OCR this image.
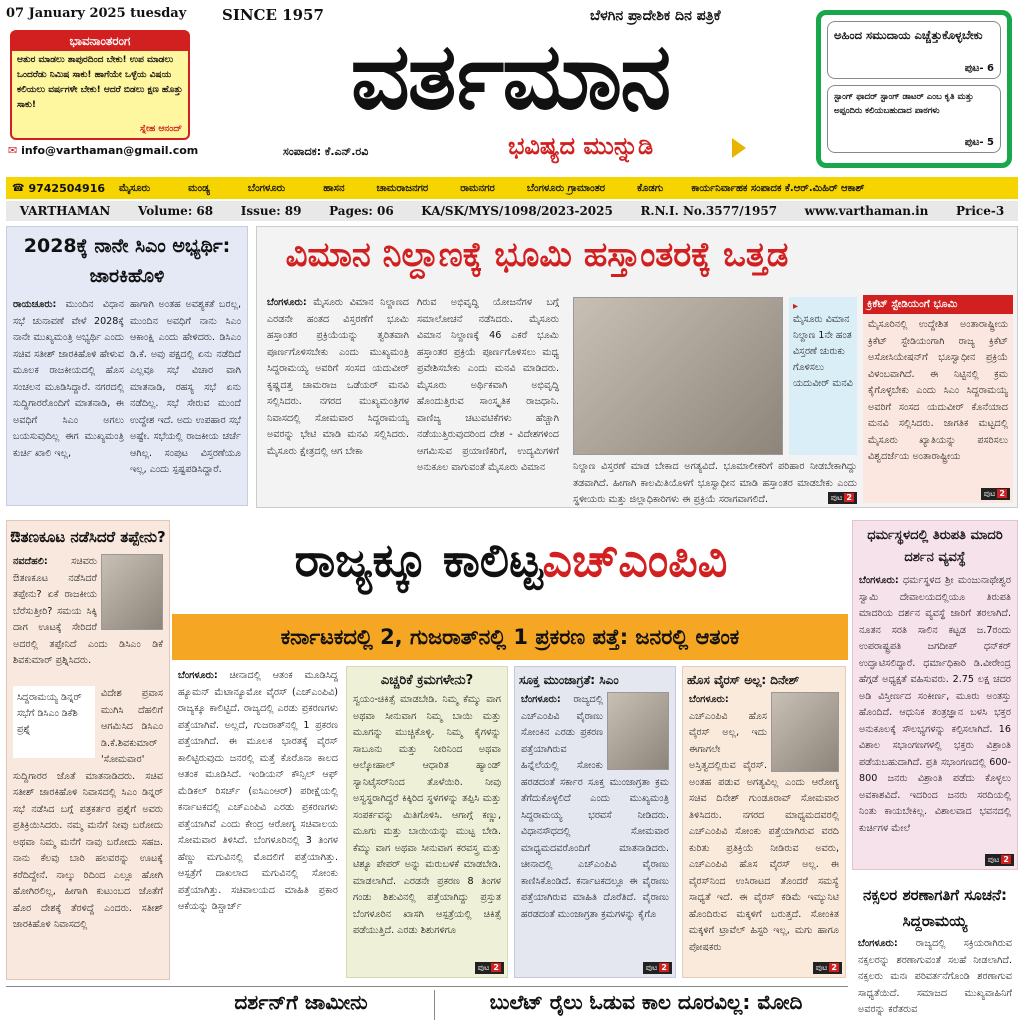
07 January 2025 tuesday SINCE 1957	ಬೆಳಗಿನ ಪ್ರಾದೇಶಿಕ ದಿನ ಪತ್ರಿಕೆ
ಭಾವನಾಂತರಂಗ
ಆತುರ ಮಾಡಲು ತಾಪುರದಿಂದ ಬೇಕು! ಉಪ ಮಾಡಲು ಒಂದರೆಡು ನಿಮಿಷ ಸಾಕು! ಹಾಗೆಯೇ ಒಳ್ಳೆಯ ವಿಷಯ ಕಲಿಯಲು ವರ್ಷಗಳೇ ಬೇಕು! ಆದರೆ ಬಿಡಲು ಕ್ಷಣ ಹೊತ್ತು ಸಾಕು!
ಸ್ನೇಹ ಆನಂದ್
✉ info@varthaman@gmail.com
ವರ್ತಮಾನ
ಸಂಪಾದಕ: ಕೆ.ಎನ್.ರವಿ	ಭವಿಷ್ಯದ ಮುನ್ನುಡಿ
ಅಹಿಂದ ಸಮುದಾಯ ಎಚ್ಚೆತ್ತುಕೊಳ್ಳಬೇಕು
ಪುಟ- 6
ಸ್ಟಾಂಗ್ ಫಾದರ್ ಸ್ಟಾಂಗ್ ಡಾಟರ್ ಎಂಬ ಕೃತಿ ಮತ್ತು ಅಪ್ಪಂದಿರು ಕಲಿಯಬಹುದಾದ ಪಾಠಗಳು
ಪುಟ- 5
☎ 9742504916 ಮೈಸೂರು	ಮಂಡ್ಯ	ಬೆಂಗಳೂರು	ಹಾಸನ	ಚಾಮರಾಜನಗರ	ರಾಮನಗರ	ಬೆಂಗಳೂರು ಗ್ರಾಮಾಂತರ	ಕೊಡಗು	ಕಾರ್ಯನಿರ್ವಾಹಕ ಸಂಪಾದಕ ಕೆ.ಆರ್.ಮಿಹಿರ್ ಆಕಾಶ್
VARTHAMAN Volume: 68 Issue: 89 Pages: 06 KA/SK/MYS/1098/2023-2025 R.N.I. No.3577/1957 www.varthaman.in Price-3
2028ಕ್ಕೆ ನಾನೇ ಸಿಎಂ ಅಭ್ಯರ್ಥಿ: ಜಾರಕಿಹೊಳಿ
ರಾಯಚೂರು: ಮುಂದಿನ ವಿಧಾನ ಸಭೆ ಚುನಾವಣೆ ವೇಳೆ 2028ಕ್ಕೆ ನಾನೇ ಮುಖ್ಯಮಂತ್ರಿ ಅಭ್ಯರ್ಥಿ ಎಂದು ಸಚಿವ ಸತೀಶ್ ಜಾರಕಿಹೊಳಿ ಹೇಳುವ ಮೂಲಕ ರಾಜಕೀಯದಲ್ಲಿ ಹೊಸ ಸಂಚಲನ ಮೂಡಿಸಿದ್ದಾರೆ. ನಗರದಲ್ಲಿ ಸುದ್ದಿಗಾರರೊಂದಿಗೆ ಮಾತನಾಡಿ, ಈ ಅವಧಿಗೆ ಸಿಎಂ ಅಗಲು ಬಯಸುವುದಿಲ್ಲ ಈಗ ಮುಖ್ಯಮಂತ್ರಿ ಕುರ್ಚಿ ಖಾಲಿ ಇಲ್ಲ,
ಹಾಗಾಗಿ ಅಂತಹ ಅವಶ್ಯಕತೆ ಬರಲ್ಲ, ಮುಂದಿನ ಅವಧಿಗೆ ನಾನು ಸಿಎಂ ಆಕಾಂಕ್ಷಿ ಎಂದು ಹೇಳಿದರು. ಡಿಸಿಎಂ ಡಿ.ಕೆ. ಅವು ಪಕ್ಷದಲ್ಲಿ ಏನು ನಡೆದಿದೆ ಎಲ್ಲವೂ ಸಭೆ ವಿಚಾರ ವಾಗಿ ಮಾತನಾಡಿ, ರಹಸ್ಯ ಸಭೆ ಏನು ನಡೆದಿಲ್ಲ. ಸಭೆ ಸೇರುವ ಮುಂದೆ ಉದ್ದೇಶ ಇದೆ. ಅದು ಉಪಹಾರ ಸಭೆ ಅಷ್ಟೇ. ಸಭೆಯಲ್ಲಿ ರಾಜಕೀಯ ಚರ್ಚೆ ಆಗಿಲ್ಲ. ಸಂಪುಟ ವಿಸ್ತರಣೆಯೂ ಇಲ್ಲ, ಎಂದು ಸ್ಪಷ್ಟಪಡಿಸಿದ್ದಾರೆ.
ವಿಮಾನ ನಿಲ್ದಾಣಕ್ಕೆ ಭೂಮಿ ಹಸ್ತಾಂತರಕ್ಕೆ ಒತ್ತಡ
ಬೆಂಗಳೂರು: ಮೈಸೂರು ವಿಮಾನ ನಿಲ್ದಾಣದ ಎರಡನೇ ಹಂತದ ವಿಸ್ತರಣೆಗೆ ಭೂಮಿ ಹಸ್ತಾಂತರ ಪ್ರಕ್ರಿಯೆಯನ್ನು ತ್ವರಿತವಾಗಿ ಪೂರ್ಣಗೊಳಿಸಬೇಕು ಎಂದು ಮುಖ್ಯಮಂತ್ರಿ ಸಿದ್ದರಾಮಯ್ಯ ಅವರಿಗೆ ಸಂಸದ ಯದುವೀರ್ ಕೃಷ್ಣದತ್ತ ಚಾಮರಾಜ ಒಡೆಯರ್ ಮನವಿ ಸಲ್ಲಿಸಿದರು. ನಗರದ ಮುಖ್ಯಮಂತ್ರಿಗಳ ನಿವಾಸದಲ್ಲಿ ಸೋಮವಾರ ಸಿದ್ದರಾಮಯ್ಯ ಅವರನ್ನು ಭೇಟಿ ಮಾಡಿ ಮನವಿ ಸಲ್ಲಿಸಿದರು. ಮೈಸೂರು ಕ್ಷೇತ್ರದಲ್ಲಿ ಆಗ ಬೇಕಾ
ಗಿರುವ ಅಭಿವೃದ್ಧಿ ಯೋಜನೆಗಳ ಬಗ್ಗೆ ಸಮಾಲೋಚನೆ ನಡೆಸಿದರು. ಮೈಸೂರು ವಿಮಾನ ನಿಲ್ದಾಣಕ್ಕೆ 46 ಎಕರೆ ಭೂಮಿ ಹಸ್ತಾಂತರ ಪ್ರಕ್ರಿಯೆ ಪೂರ್ಣಗೊಳಿಸಲು ಮಧ್ಯ ಪ್ರವೇಶಿಸಬೇಕು ಎಂದು ಮನವಿ ಮಾಡಿದರು. ಮೈಸೂರು ಅರ್ಥಿಕವಾಗಿ ಅಭಿವೃದ್ಧಿ ಹೊಂದುತ್ತಿರುವ ಸಾಂಸ್ಕೃತಿಕ ರಾಜಧಾನಿ. ವಾಣಿಜ್ಯ ಚಟುವಟಿಕೆಗಳು ಹೆಚ್ಚಾಗಿ ನಡೆಯುತ್ತಿರುವುದರಿಂದ ದೇಶ - ವಿದೇಶಗಳಿಂದ ಆಗಮಿಸುವ ಪ್ರಯಾಣಿಕರಿಗೆ, ಉದ್ಯಮಿಗಳಿಗೆ ಅನುಕೂಲ ವಾಗುವಂತೆ ಮೈಸೂರು ವಿಮಾನ
▸
ಮೈಸೂರು ವಿಮಾನ ನಿಲ್ದಾಣ 1ನೇ ಹಂತ ವಿಸ್ತರಣೆ ಚುರುಕು ಗೊಳಿಸಲು ಯದುವೀರ್ ಮನವಿ
ನಿಲ್ದಾಣ ವಿಸ್ತರಣೆ ಮಾಡ ಬೇಕಾದ ಅಗತ್ಯವಿದೆ. ಭೂಮಾಲೀಕರಿಗೆ ಪರಿಹಾರ ನೀಡಬೇಕಾಗಿದ್ದು ತಡವಾಗಿದೆ. ಹೀಗಾಗಿ ಕಾಲಮಿತಿಯೊಳಗೆ ಭೂಸ್ವಾಧೀನ ಮಾಡಿ ಹಸ್ತಾಂತರ ಮಾಡಬೇಕು ಎಂದು ಸ್ಥಳೀಯರು ಮತ್ತು ಜಿಲ್ಲಾಧಿಕಾರಿಗಳು ಈ ಪ್ರಕ್ರಿಯೆ ಸರಾಗವಾಗಲಿದೆ.	ಪುಟ 2
ಕ್ರಿಕೆಟ್ ಸ್ಟೇಡಿಯಂಗೆ ಭೂಮಿ
ಮೈಸೂರಿನಲ್ಲಿ ಉದ್ದೇಶಿತ ಅಂತಾರಾಷ್ಟ್ರೀಯ ಕ್ರಿಕೆಟ್ ಸ್ಟೇಡಿಯಂಗಾಗಿ ರಾಜ್ಯ ಕ್ರಿಕೆಟ್ ಅಸೋಸಿಯೇಷನ್‌ಗೆ ಭೂಸ್ವಾಧೀನ ಪ್ರಕ್ರಿಯೆ ವಿಳಂಬವಾಗಿದೆ. ಈ ನಿಟ್ಟಿನಲ್ಲಿ ಕ್ರಮ ಕೈಗೊಳ್ಳಬೇಕು ಎಂದು ಸಿಎಂ ಸಿದ್ದರಾಮಯ್ಯ ಅವರಿಗೆ ಸಂಸದ ಯದುವೀರ್ ಕೊನೆಯಾದ ಮನವಿ ಸಲ್ಲಿಸಿದರು. ಜಾಗತಿಕ ಮಟ್ಟದಲ್ಲಿ ಮೈಸೂರು ಖ್ಯಾತಿಯನ್ನು ಪಸರಿಸಲು ವಿಶ್ವದರ್ಜೆಯ ಅಂತಾರಾಷ್ಟ್ರೀಯ
ಪುಟ 2
ಔತಣಕೂಟ ನಡೆಸಿದರೆ ತಪ್ಪೇನು?
ನವದೆಹಲಿ: ಸಚಿವರು ಔತಣಕೂಟ ನಡೆಸಿದರೆ ತಪ್ಪೇನು? ಏಕೆ ರಾಜಕೀಯ ಬೆರೆಸುತ್ತೀರಿ? ಸಮಯ ಸಿಕ್ಕಿ ದಾಗ ಊಟಕ್ಕೆ ಸೇರಿದರೆ ಅದರಲ್ಲಿ ತಪ್ಪೇನಿದೆ ಎಂದು ಡಿಸಿಎಂ ಡಿಕೆ ಶಿವಕುಮಾರ್ ಪ್ರಶ್ನಿಸಿದರು.
ಸಿದ್ದರಾಮಯ್ಯ ಡಿನ್ನರ್ ಸಭೆಗೆ ಡಿಸಿಎಂ ಡಿಕೆಶಿ ಪ್ರಶ್ನೆ
ವಿದೇಶ ಪ್ರವಾಸ ಮುಗಿಸಿ ದೆಹಲಿಗೆ ಆಗಮಿಸಿದ ಡಿಸಿಎಂ ಡಿ.ಕೆ.ಶಿವಕುಮಾರ್ 'ಸೋಮವಾರ' ಸುದ್ದಿಗಾರರ ಜೊತೆ ಮಾತನಾಡಿದರು. ಸಚಿವ ಸತೀಶ್ ಜಾರಕಿಹೊಳಿ ನಿವಾಸದಲ್ಲಿ ಸಿಎಂ ಡಿನ್ನರ್ ಸಭೆ ನಡೆಸಿದ ಬಗ್ಗೆ ಪತ್ರಕರ್ತರ ಪ್ರಶ್ನೆಗೆ ಅವರು ಪ್ರತಿಕ್ರಿಯಿಸಿದರು. ನಮ್ಮ ಮನೆಗೆ ನೀವು ಬರೋದು ಅಥವಾ ನಿಮ್ಮ ಮನೆಗೆ ನಾವು ಬರೋದು ಸಹಜ. ನಾನು ಕೆಲವು ಬಾರಿ ಹಲವರನ್ನು ಊಟಕ್ಕೆ ಕರೆದಿದ್ದೇನೆ. ನಾಲ್ಕು ರಿದಿಂದ ಎಲ್ಲೂ ಹೋಗಿ ಹೋಗಿರಲಿಲ್ಲ, ಹೀಗಾಗಿ ಕುಟುಂಬದ ಜೊತೆಗೆ ಹೊರ ದೇಶಕ್ಕೆ ತೆರಳಿದ್ದೆ ಎಂದರು. ಸತೀಶ್ ಜಾರಕಿಹೊಳಿ ನಿವಾಸದಲ್ಲಿ
ರಾಜ್ಯಕ್ಕೂ ಕಾಲಿಟ್ಟಎಚ್‌ಎಂಪಿವಿ
ಕರ್ನಾಟಕದಲ್ಲಿ 2, ಗುಜರಾತ್‌ನಲ್ಲಿ 1 ಪ್ರಕರಣ ಪತ್ತೆ: ಜನರಲ್ಲಿ ಆತಂಕ
ಬೆಂಗಳೂರು: ಚೀನಾದಲ್ಲಿ ಆತಂಕ ಮೂಡಿಸಿದ್ದ ಹ್ಯೂಮನ್ ಮೆಟಾನ್ಯೂಮೋ ವೈರಸ್ (ಎಚ್‌ಎಂಪಿವಿ) ರಾಜ್ಯಕ್ಕೂ ಕಾಲಿಟ್ಟಿದೆ. ರಾಜ್ಯದಲ್ಲಿ ಎರಡು ಪ್ರಕರಣಗಳು ಪತ್ತೆಯಾಗಿವೆ. ಅಲ್ಲದೆ, ಗುಜರಾತ್‌ನಲ್ಲಿ 1 ಪ್ರಕರಣ ಪತ್ತೆಯಾಗಿದೆ. ಈ ಮೂಲಕ ಭಾರತಕ್ಕೆ ವೈರಸ್ ಕಾಲಿಟ್ಟಿರುವುದು ಜನರಲ್ಲಿ ಮತ್ತೆ ಕೊರೊನಾ ಕಾಲದ ಆತಂಕ ಮೂಡಿಸಿದೆ. ಇಂಡಿಯನ್ ಕೌನ್ಸಿಲ್ ಆಫ್ ಮೆಡಿಕಲ್ ರಿಸರ್ಚ್ (ಐಸಿಎಂಆರ್) ಪರೀಕ್ಷೆಯಲ್ಲಿ ಕರ್ನಾಟಕದಲ್ಲಿ ಎಚ್‌ಎಂಪಿವಿ ಎರಡು ಪ್ರಕರಣಗಳು ಪತ್ತೆಯಾಗಿವೆ ಎಂದು ಕೇಂದ್ರ ಆರೋಗ್ಯ ಸಚಿವಾಲಯ ಸೋಮವಾರ ತಿಳಿಸಿದೆ. ಬೆಂಗಳೂರಿನಲ್ಲಿ 3 ತಿಂಗಳ ಹೆಣ್ಣು ಮಗುವಿನಲ್ಲಿ ಮೊದಲಿಗೆ ಪತ್ತೆಯಾಗಿತ್ತು. ಆಸ್ಪತ್ರೆಗೆ ದಾಖಲಾದ ಮಗುವಿನಲ್ಲಿ ಸೋಂಕು ಪತ್ತೆಯಾಗಿತ್ತು. ಸಚಿವಾಲಯದ ಮಾಹಿತಿ ಪ್ರಕಾರ ಆಕೆಯನ್ನು ಡಿಸ್ಚಾರ್ಜ್
ಎಚ್ಚರಿಕೆ ಕ್ರಮಗಳೇನು?
ಸ್ವಯಂ-ಚಿಕಿತ್ಸೆ ಮಾಡಬೇಡಿ. ನಿಮ್ಮ ಕೆಮ್ಮು ವಾಗ ಅಥವಾ ಸೀನುವಾಗ ನಿಮ್ಮ ಬಾಯಿ ಮತ್ತು ಮೂಗನ್ನು ಮುಚ್ಚಿಕೊಳ್ಳಿ. ನಿಮ್ಮ ಕೈಗಳನ್ನು ಸಾಬೂನು ಮತ್ತು ನೀರಿನಿಂದ ಅಥವಾ ಆಲ್ಕೋಹಾಲ್ ಆಧಾರಿತ ಹ್ಯಾಂಡ್ ಸ್ಯಾನಿಟೈಸರ್‌ನಿಂದ ತೊಳೆಯಿರಿ. ನೀವು ಅಸ್ವಸ್ಥರಾಗಿದ್ದರೆ ಕಿಕ್ಕಿರಿದ ಸ್ಥಳಗಳನ್ನು ತಪ್ಪಿಸಿ ಮತ್ತು ಸಂಪರ್ಕವನ್ನು ಮಿತಿಗೊಳಿಸಿ. ಆಗಾಗ್ಗೆ ಕಣ್ಣು, ಮೂಗು ಮತ್ತು ಬಾಯಿಯನ್ನು ಮುಟ್ಟ ಬೇಡಿ. ಕೆಮ್ಮು ವಾಗ ಅಥವಾ ಸೀನುವಾಗ ಕರವಸ್ತ್ರ ಮತ್ತು ಟಿಶ್ಯೂ ಪೇಪರ್ ಅನ್ನು ಮರುಬಳಕೆ ಮಾಡಬೇಡಿ. ಮಾಡಲಾಗಿದೆ. ಎರಡನೇ ಪ್ರಕರಣ 8 ತಿಂಗಳ ಗಂಡು ಶಿಶುವಿನಲ್ಲಿ ಪತ್ತೆಯಾಗಿದ್ದು ಪ್ರಸ್ತುತ ಬೆಂಗಳೂರಿನ ಖಾಸಗಿ ಆಸ್ಪತ್ರೆಯಲ್ಲಿ ಚಿಕಿತ್ಸೆ ಪಡೆಯುತ್ತಿದೆ. ಎರಡು ಶಿಶುಗಳಿಗೂ
ಪುಟ 2
ಸೂಕ್ತ ಮುಂಜಾಗ್ರತೆ: ಸಿಎಂ
ಬೆಂಗಳೂರು: ರಾಜ್ಯದಲ್ಲಿ ಎಚ್‌ಎಂಪಿವಿ ವೈರಾಣು ಸೋಂಕಿನ ಎರಡು ಪ್ರಕರಣ ಪತ್ತೆಯಾಗಿರುವ ಹಿನ್ನೆಲೆಯಲ್ಲಿ ಸೋಂಕು ಹರಡದಂತೆ ಸರ್ಕಾರ ಸೂಕ್ತ ಮುಂಜಾಗ್ರತಾ ಕ್ರಮ ತೆಗೆದುಕೊಳ್ಳಲಿದೆ ಎಂದು ಮುಖ್ಯಮಂತ್ರಿ ಸಿದ್ದರಾಮಯ್ಯ ಭರವಸೆ ನೀಡಿದರು. ವಿಧಾನಸೌಧದಲ್ಲಿ ಸೋಮವಾರ ಮಾಧ್ಯಮದವರೊಂದಿಗೆ ಮಾತನಾಡಿದರು. ಚೀನಾದಲ್ಲಿ ಎಚ್‌ಎಂಪಿವಿ ವೈರಾಣು ಕಾಣಿಸಿಕೊಂಡಿದೆ. ಕರ್ನಾಟಕದಲ್ಲೂ ಈ ವೈರಾಣು ಪತ್ತೆಯಾಗಿರುವ ಮಾಹಿತಿ ದೊರೆತಿದೆ. ವೈರಾಣು ಹರಡದಂತೆ ಮುಂಜಾಗ್ರತಾ ಕ್ರಮಗಳನ್ನು ಕೈಗೊ
ಪುಟ 2
ಹೊಸ ವೈರಸ್ ಅಲ್ಲ: ದಿನೇಶ್
ಬೆಂಗಳೂರು: ಎಚ್‌ಎಂಪಿವಿ ಹೊಸ ವೈರಸ್ ಅಲ್ಲ, ಇದು ಈಗಾಗಲೇ ಅಸ್ತಿತ್ವದಲ್ಲಿರುವ ವೈರಸ್. ಅಂತಹ ಪಡುವ ಅಗತ್ಯವಿಲ್ಲ ಎಂದು ಆರೋಗ್ಯ ಸಚಿವ ದಿನೇಶ್ ಗುಂಡೂರಾವ್ ಸೋಮವಾರ ತಿಳಿಸಿದರು. ನಗರದ ಮಾಧ್ಯಮದವರಲ್ಲಿ ಎಚ್‌ಎಂಪಿವಿ ಸೋಂಕು ಪತ್ತೆಯಾಗಿರುವ ವರದಿ ಕುರಿತು ಪ್ರತಿಕ್ರಿಯೆ ನೀಡಿರುವ ಅವರು, ಎಚ್‌ಎಂಪಿವಿ ಹೊಸ ವೈರಸ್ ಅಲ್ಲ. ಈ ವೈರಸ್‌ನಿಂದ ಉಸಿರಾಟದ ತೊಂದರೆ ಸಮಸ್ಯೆ ಸಾಧ್ಯತೆ ಇದೆ. ಈ ವೈರಸ್ ಕಡಿಮೆ ಇಮ್ಯುನಿಟಿ ಹೊಂದಿರುವ ಮಕ್ಕಳಿಗೆ ಬರುತ್ತದೆ. ಸೋಂಕಿತ ಮಕ್ಕಳಿಗೆ ಟ್ರಾವೆಲ್ ಹಿಸ್ಟರಿ ಇಲ್ಲ, ಮಗು ಹಾಗೂ ಪೋಷಕರು
ಪುಟ 2
ಧರ್ಮಸ್ಥಳದಲ್ಲಿ ತಿರುಪತಿ ಮಾದರಿ ದರ್ಶನ ವ್ಯವಸ್ಥೆ
ಬೆಂಗಳೂರು: ಧರ್ಮಸ್ಥಳದ ಶ್ರೀ ಮಂಜುನಾಥೇಶ್ವರ ಸ್ವಾಮಿ ದೇವಾಲಯದಲ್ಲಿಯೂ ತಿರುಪತಿ ಮಾದರಿಯ ದರ್ಶನ ವ್ಯವಸ್ಥೆ ಜಾರಿಗೆ ತರಲಾಗಿದೆ. ನೂತನ ಸರತಿ ಸಾಲಿನ ಕಟ್ಟಡ ಜ.7ರಂದು ಉಪರಾಷ್ಟ್ರಪತಿ ಜಗದೀಪ್ ಧನ್‌ಕರ್ ಉದ್ಘಾಟಿಸಲಿದ್ದಾರೆ. ಧರ್ಮಾಧಿಕಾರಿ ಡಿ.ವೀರೇಂದ್ರ ಹೆಗ್ಗಡೆ ಅಧ್ಯಕ್ಷತೆ ವಹಿಸುವರು. 2.75 ಲಕ್ಷ ಚದರ ಅಡಿ ವಿಸ್ತೀರ್ಣದ ಸಂಕೀರ್ಣ, ಮೂರು ಅಂತಸ್ತು ಹೊಂದಿದೆ. ಆಧುನಿಕ ತಂತ್ರಜ್ಞಾನ ಬಳಸಿ ಭಕ್ತರ ಅನುಕೂಲಕ್ಕೆ ಸೌಲಭ್ಯಗಳನ್ನು ಕಲ್ಪಿಸಲಾಗಿದೆ. 16 ವಿಶಾಲ ಸಭಾಂಗಣಗಳಲ್ಲಿ ಭಕ್ತರು ವಿಶ್ರಾಂತಿ ಪಡೆಯಬಹುದಾಗಿದೆ. ಪ್ರತಿ ಸಭಾಂಗಣದಲ್ಲಿ 600-800 ಜನರು ವಿಶ್ರಾಂತಿ ಪಡೆದು ಕೊಳ್ಳಲು ಅವಕಾಶವಿದೆ. ಇದರಿಂದ ಜನರು ಸರದಿಯಲ್ಲಿ ನಿಂತು ಕಾಯಬೇಕಿಲ್ಲ. ವಿಶಾಲವಾದ ಭವನದಲ್ಲಿ ಕುರ್ಚಿಗಳ ಮೇಲೆ
ಪುಟ 2
ನಕ್ಸಲರ ಶರಣಾಗತಿಗೆ ಸೂಚನೆ: ಸಿದ್ದರಾಮಯ್ಯ
ಬೆಂಗಳೂರು: ರಾಜ್ಯದಲ್ಲಿ ಸಕ್ರಿಯರಾಗಿರುವ ನಕ್ಸಲರನ್ನು ಶರಣಾಗುವಂತೆ ಸಲಹೆ ನೀಡಲಾಗಿದೆ. ನಕ್ಸಲರು ಮನಃ ಪರಿವರ್ತನೆಗೊಂಡಿ ಶರಣಾಗುವ ಸಾಧ್ಯತೆಯಿದೆ. ಸಮಾಜದ ಮುಖ್ಯವಾಹಿನಿಗೆ ಅವರನ್ನು ಕರೆತರುವ
ದರ್ಶನ್‌ಗೆ ಜಾಮೀನು	ಬುಲೆಟ್ ರೈಲು ಓಡುವ ಕಾಲ ದೂರವಿಲ್ಲ: ಮೋದಿ
